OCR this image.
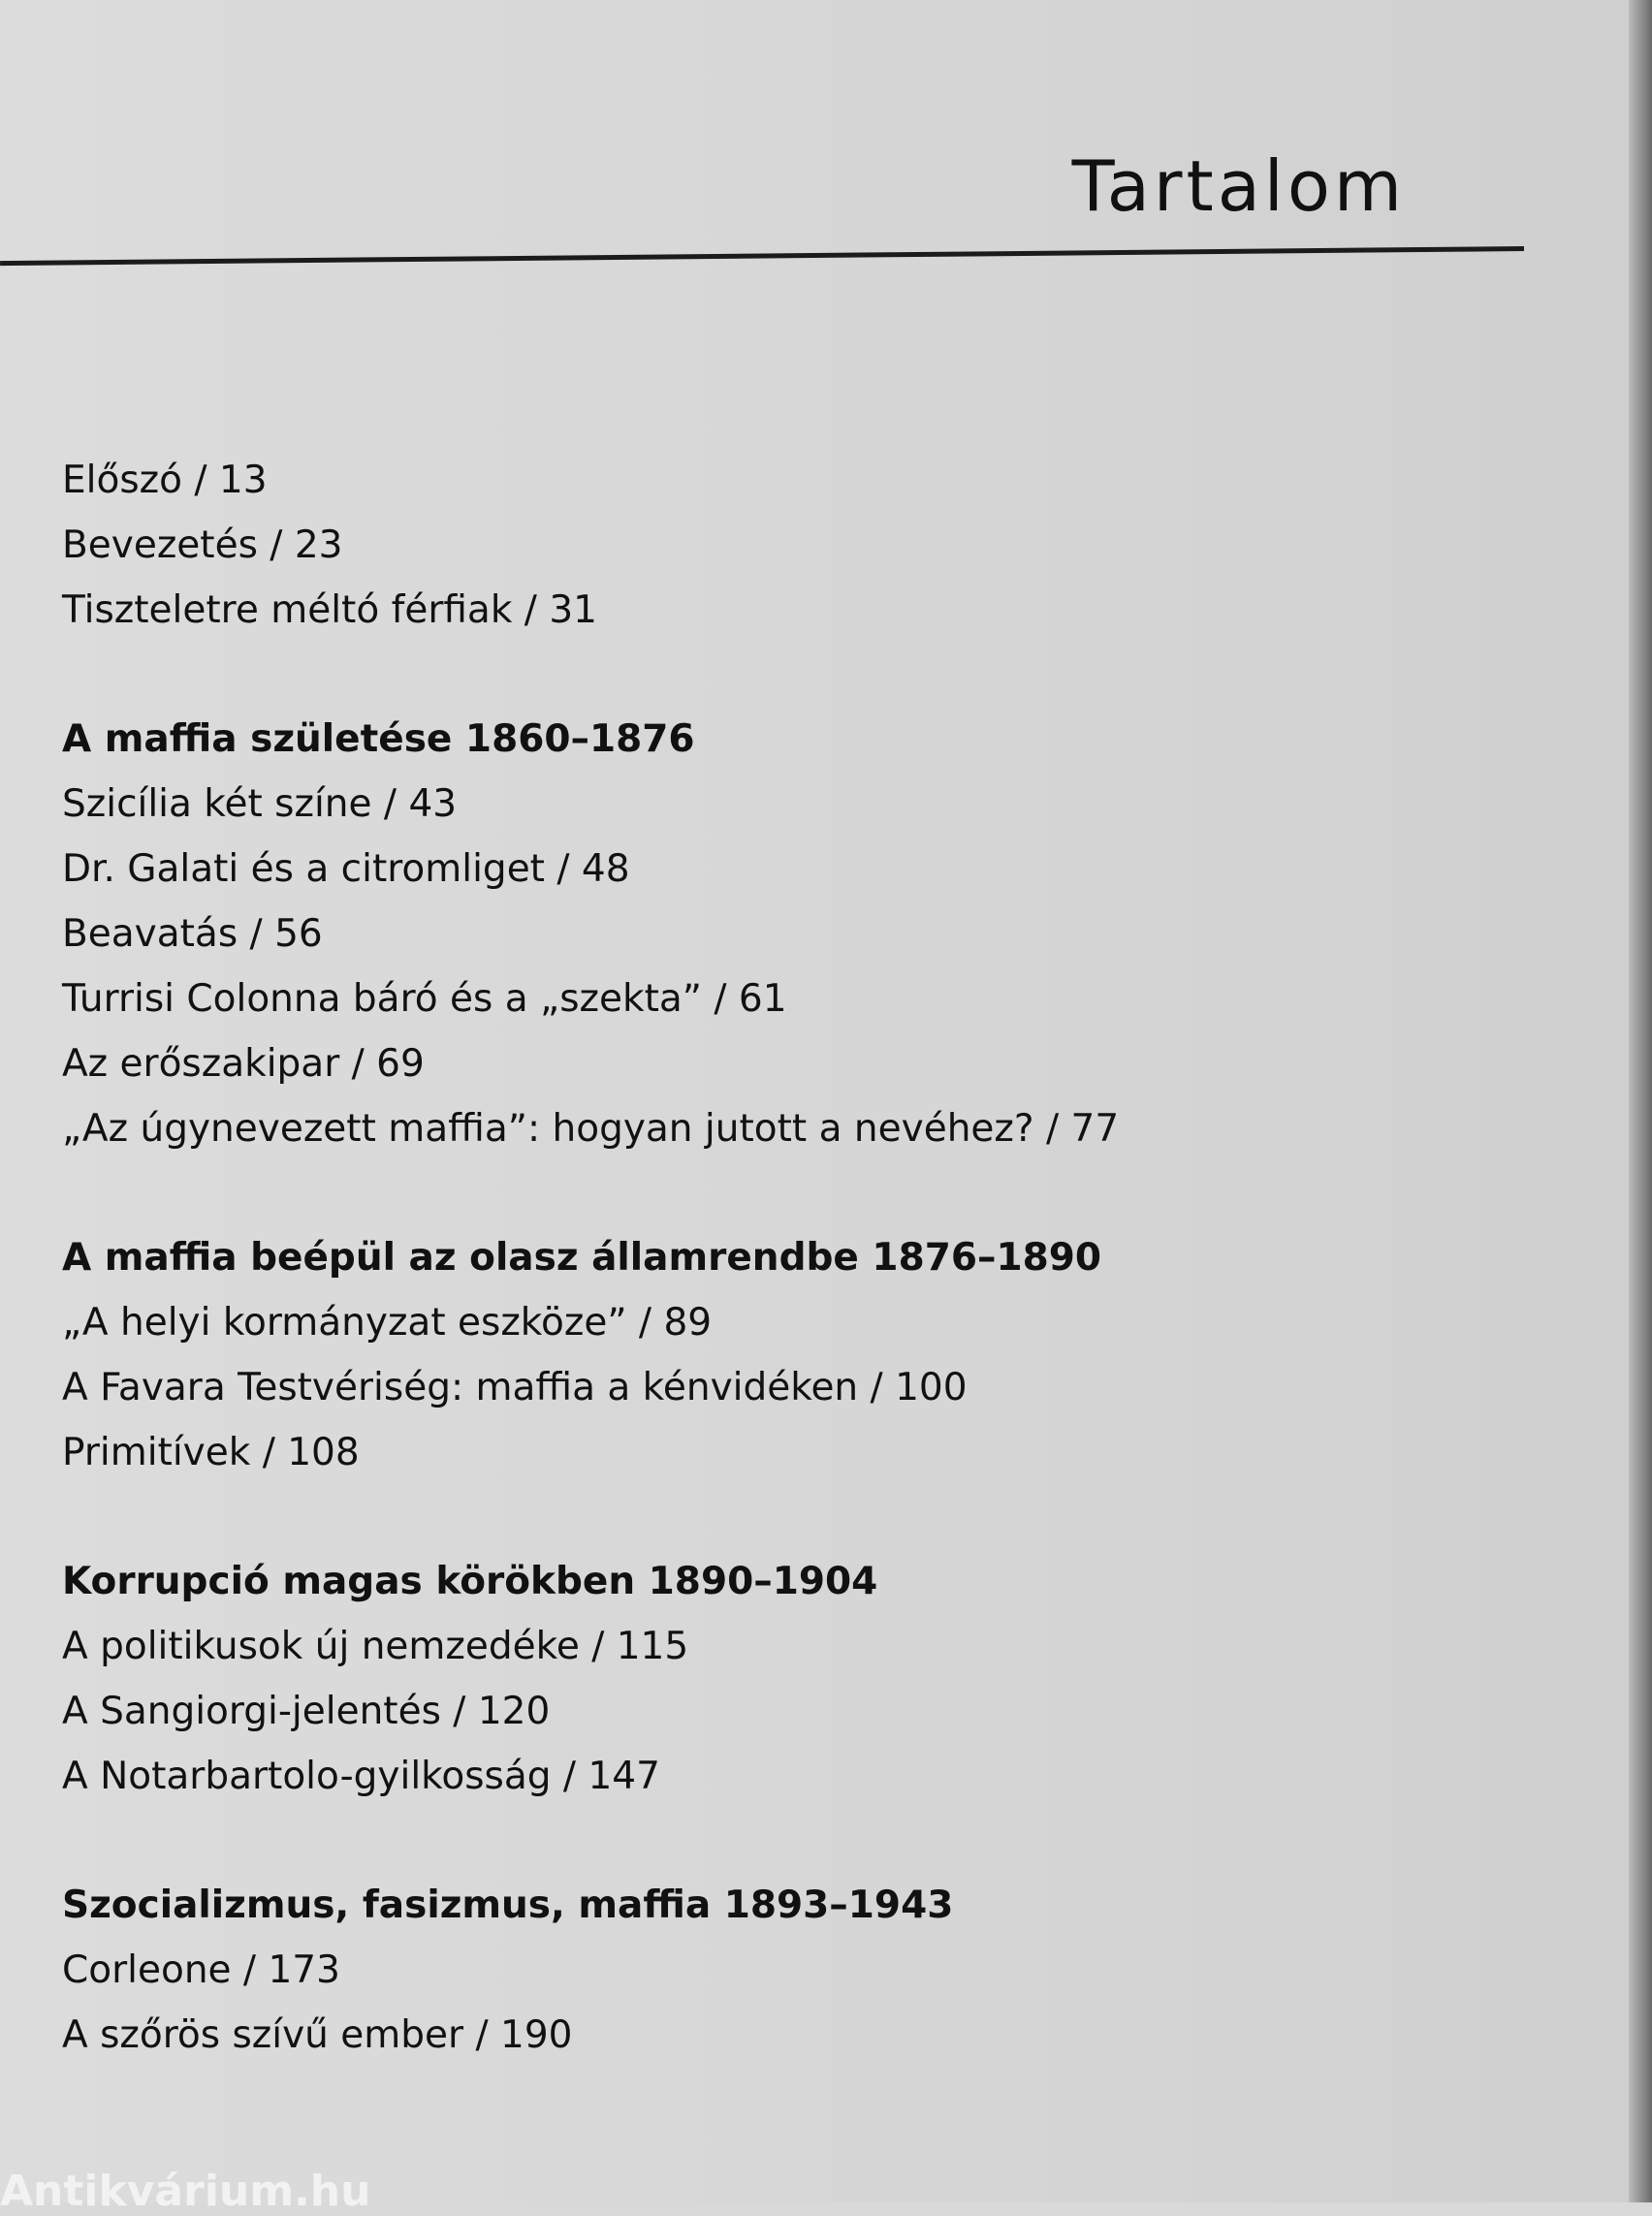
Tartalom
Előszó / 13
Bevezetés / 23
Tiszteletre méltó férfiak / 31
A maffia születése 1860–1876
Szicília két színe / 43
Dr. Galati és a citromliget / 48
Beavatás / 56
Turrisi Colonna báró és a „szekta” / 61
Az erőszakipar / 69
„Az úgynevezett maffia”: hogyan jutott a nevéhez? / 77
A maffia beépül az olasz államrendbe 1876–1890
„A helyi kormányzat eszköze” / 89
A Favara Testvériség: maffia a kénvidéken / 100
Primitívek / 108
Korrupció magas körökben 1890–1904
A politikusok új nemzedéke / 115
A Sangiorgi-jelentés / 120
A Notarbartolo-gyilkosság / 147
Szocializmus, fasizmus, maffia 1893–1943
Corleone / 173
A szőrös szívű ember / 190
Antikvárium.hu
